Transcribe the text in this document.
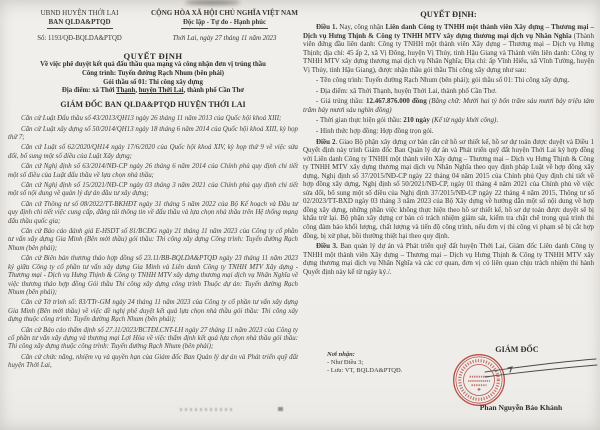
UBND HUYỆN THỚI LAI
BAN QLDA&PTQD
Số: 1193/QĐ-BQLDA&PTQD
CỘNG HÒA XÃ HỘI CHỦ NGHĨA VIỆT NAM
Độc lập - Tự do - Hạnh phúc
Thới Lai, ngày 27 tháng 11 năm 2023
QUYẾT ĐỊNH
Về việc phê duyệt kết quả đấu thầu qua mạng và công nhận đơn vị trúng thầu
Công trình: Tuyến đường Rạch Nhum (bên phải)
Gói thầu số 01: Thi công xây dựng
Địa điểm: xã Thới Thạnh, huyện Thới Lai, thành phố Cần Thơ
GIÁM ĐỐC BAN QLDA&PTQD HUYỆN THỚI LAI
Căn cứ Luật Đấu thầu số 43/2013/QH13 ngày 26 tháng 11 năm 2013 của Quốc hội khoá XIII;
Căn cứ Luật xây dựng số 50/2014/QH13 ngày 18 tháng 6 năm 2014 của Quốc hội khoá XIII, kỳ họp thứ 7;
Căn cứ Luật số 62/2020/QH14 ngày 17/6/2020 của Quốc hội khoá XIV, kỳ họp thứ 9 về việc sửa đổi, bổ sung một số điều của Luật Xây dựng;
Căn cứ Nghị định số 63/2014/NĐ-CP ngày 26 tháng 6 năm 2014 của Chính phủ quy định chi tiết một số điều của Luật đấu thầu về lựa chọn nhà thầu;
Căn cứ Nghị định số 15/2021/NĐ-CP ngày 03 tháng 3 năm 2021 của Chính phủ quy định chi tiết một số nội dung về quản lý dự án đầu tư xây dựng;
Căn cứ Thông tư số 08/2022/TT-BKHĐT ngày 31 tháng 5 năm 2022 của Bộ Kế hoạch và Đầu tư quy định chi tiết việc cung cấp, đăng tải thông tin về đấu thầu và lựa chọn nhà thầu trên Hệ thống mạng đấu thầu quốc gia;
Căn cứ Báo cáo đánh giá E-HSDT số 81/BCĐG ngày 21 tháng 11 năm 2023 của Công ty cổ phần tư vấn xây dựng Gia Minh (Bên mời thầu) gói thầu: Thi công xây dựng Công trình: Tuyến đường Rạch Nhum (bên phải);
Căn cứ Biên bản thương thảo hợp đồng số 23.11/BB-BQLDA&PTQĐ ngày 23 tháng 11 năm 2023 ký giữa Công ty cổ phần tư vấn xây dựng Gia Minh và Liên danh Công ty TNHH MTV Xây dựng - Thương mại - Dịch vụ Hưng Thịnh & Công ty TNHH MTV xây dựng thương mại dịch vụ Nhân Nghĩa về việc thương thảo hợp đồng Gói thầu Thi công xây dựng công trình Thuộc dự án: Tuyến đường Rạch Nhum (bên phải);
Căn cứ Tờ trình số: 83/TTr-GM ngày 24 tháng 11 năm 2023 của Công ty cổ phần tư vấn xây dựng Gia Minh (Bên mời thầu) về việc đề nghị phê duyệt kết quả lựa chọn nhà thầu gói thầu: Thi công xây dựng thuộc công trình: Tuyến đường Rạch Nhum (bên phải);
Căn cứ Báo cáo thẩm định số 27.11/2023/BCTĐLCNT-LH ngày 27 tháng 11 năm 2023 của Công ty cổ phần tư vấn xây dựng và thương mại Lợi Hòa về việc thẩm định kết quả lựa chọn nhà thầu gói thầu: Thi công xây dựng thuộc công trình: Tuyến đường Rạch Nhum (bên phải);
Căn cứ chức năng, nhiệm vụ và quyền hạn của Giám đốc Ban Quản lý dự án và Phát triển quỹ đất huyện Thới Lai,
QUYẾT ĐỊNH:
Điều 1. Nay, công nhận Liên danh Công ty TNHH một thành viên Xây dựng – Thương mại – Dịch vụ Hưng Thịnh & Công ty TNHH MTV xây dựng thương mại dịch vụ Nhân Nghĩa (Thành viên đứng đầu liên danh: Công ty TNHH một thành viên Xây dựng – Thương mại – Dịch vụ Hưng Thịnh; địa chỉ: 45 ấp 2, xã Vị Đông, huyện Vị Thủy, tỉnh Hậu Giang và Thành viên liên danh: Công ty TNHH MTV xây dựng thương mại dịch vụ Nhân Nghĩa; Địa chỉ: ấp Vĩnh Hiếu, xã Vĩnh Tường, huyện Vị Thủy, tỉnh Hậu Giang), được nhận thầu gói thầu Thi công xây dựng như sau:
- Tên công trình: Tuyến đường Rạch Nhum (bên phải); gói thầu số 01: Thi công xây dựng.
- Địa điểm: xã Thới Thạnh, huyện Thới Lai, thành phố Cần Thơ.
- Giá trúng thầu: 12.467.876.000 đồng (Bằng chữ: Mười hai tỷ bốn trăm sáu mươi bảy triệu tám trăm bảy mươi sáu nghìn đồng)
- Thời gian thực hiện gói thầu: 210 ngày (Kể từ ngày khởi công).
- Hình thức hợp đồng: Hợp đồng trọn gói.
Điều 2. Giao Bộ phận xây dựng cơ bản căn cứ hồ sơ thiết kế, hồ sơ dự toán được duyệt và Điều 1 Quyết định này trình Giám đốc Ban Quản lý dự án và Phát triển quỹ đất huyện Thới Lai ký hợp đồng với Liên danh Công ty TNHH một thành viên Xây dựng – Thương mại – Dịch vụ Hưng Thịnh & Công ty TNHH MTV xây dựng thương mại dịch vụ Nhân Nghĩa theo quy định pháp Luật về hợp đồng xây dựng, Nghị định số 37/2015/NĐ-CP ngày 22 tháng 04 năm 2015 của Chính phủ Quy định chi tiết về hợp đồng xây dựng, Nghị định số 50/2021/NĐ-CP, ngày 01 tháng 4 năm 2021 của Chính phủ về việc sửa đổi, bổ sung một số điều của Nghị định 37/2015/NĐ-CP ngày 22 tháng 4 năm 2015, Thông tư số 02/2023/TT-BXD ngày 03 tháng 3 năm 2023 của Bộ Xây dựng về hướng dẫn một số nội dung về hợp đồng xây dựng, những phần việc không thực hiện theo hồ sơ thiết kế, hồ sơ dự toán được duyệt sẽ bị khấu trừ lại. Bộ phận xây dựng cơ bản có trách nhiệm giám sát, kiểm tra chặt chẽ trong quá trình thi công đảm bảo khối lượng, chất lượng và tiến độ công trình, nếu đơn vị thi công vi phạm sẽ bị cắt hợp đồng, bị xử phạt, bồi thường thiệt hại theo quy định.
Điều 3. Ban quản lý dự án và Phát triển quỹ đất huyện Thới Lai, Giám đốc Liên danh Công ty TNHH một thành viên Xây dựng – Thương mại – Dịch vụ Hưng Thịnh & Công ty TNHH MTV xây dựng thương mại dịch vụ Nhân Nghĩa và các cơ quan, đơn vị có liên quan chịu trách nhiệm thi hành Quyết định này kể từ ngày ký./.
Nơi nhận:
- Như Điều 3;
- Lưu: VT, BQLDA&PTQĐ.
GIÁM ĐỐC
Phan Nguyễn Bảo Khánh
